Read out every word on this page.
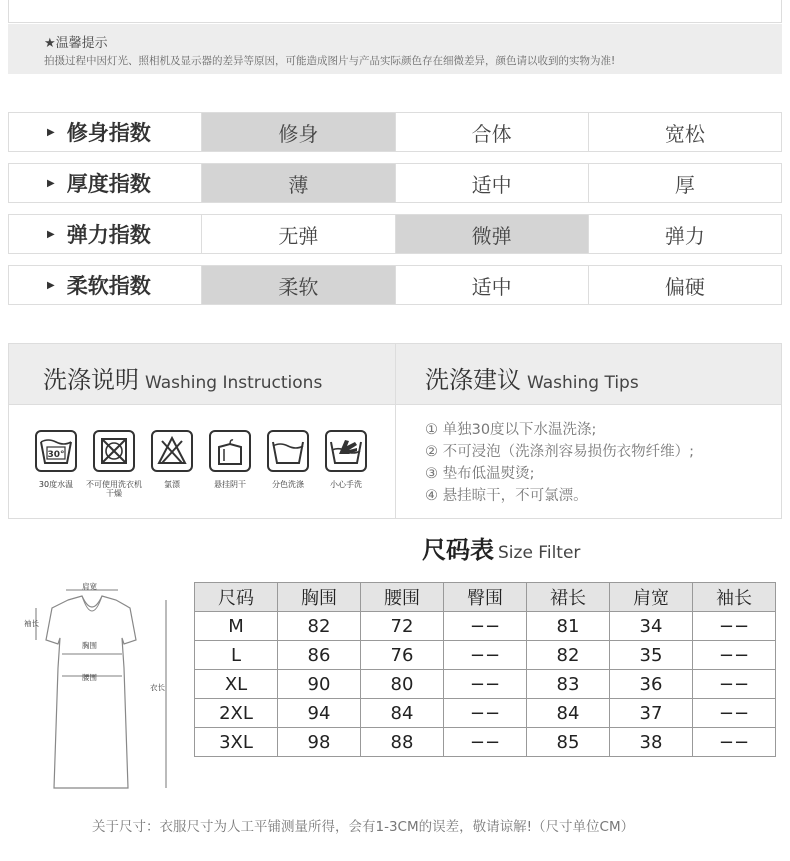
★温馨提示
拍摄过程中因灯光、照相机及显示器的差异等原因，可能造成图片与产品实际颜色存在细微差异，颜色请以收到的实物为准!
▶ 修身指数	修身	合体	宽松
▶ 厚度指数	薄	适中	厚
▶ 弹力指数	无弹	微弹	弹力
▶ 柔软指数	柔软	适中	偏硬
洗涤说明 Washing Instructions	洗涤建议 Washing Tips
30°
30度水温	不可使用洗衣机干燥
氯漂	悬挂阴干	分色洗涤	小心手洗
① 单独30度以下水温洗涤;
② 不可浸泡（洗涤剂容易损伤衣物纤维）;
③ 垫布低温熨烫;
④ 悬挂晾干，不可氯漂。
尺码表 Size Filter
肩宽
袖长
胸围
腰围
衣长
尺码	胸围	腰围	臀围	裙长	肩宽	袖长
M	82	72	−−	81	34	−−
L	86	76	−−	82	35	−−
XL	90	80	−−	83	36	−−
2XL	94	84	−−	84	37	−−
3XL	98	88	−−	85	38	−−
关于尺寸：衣服尺寸为人工平铺测量所得，会有1-3CM的误差，敬请谅解!（尺寸单位CM）
